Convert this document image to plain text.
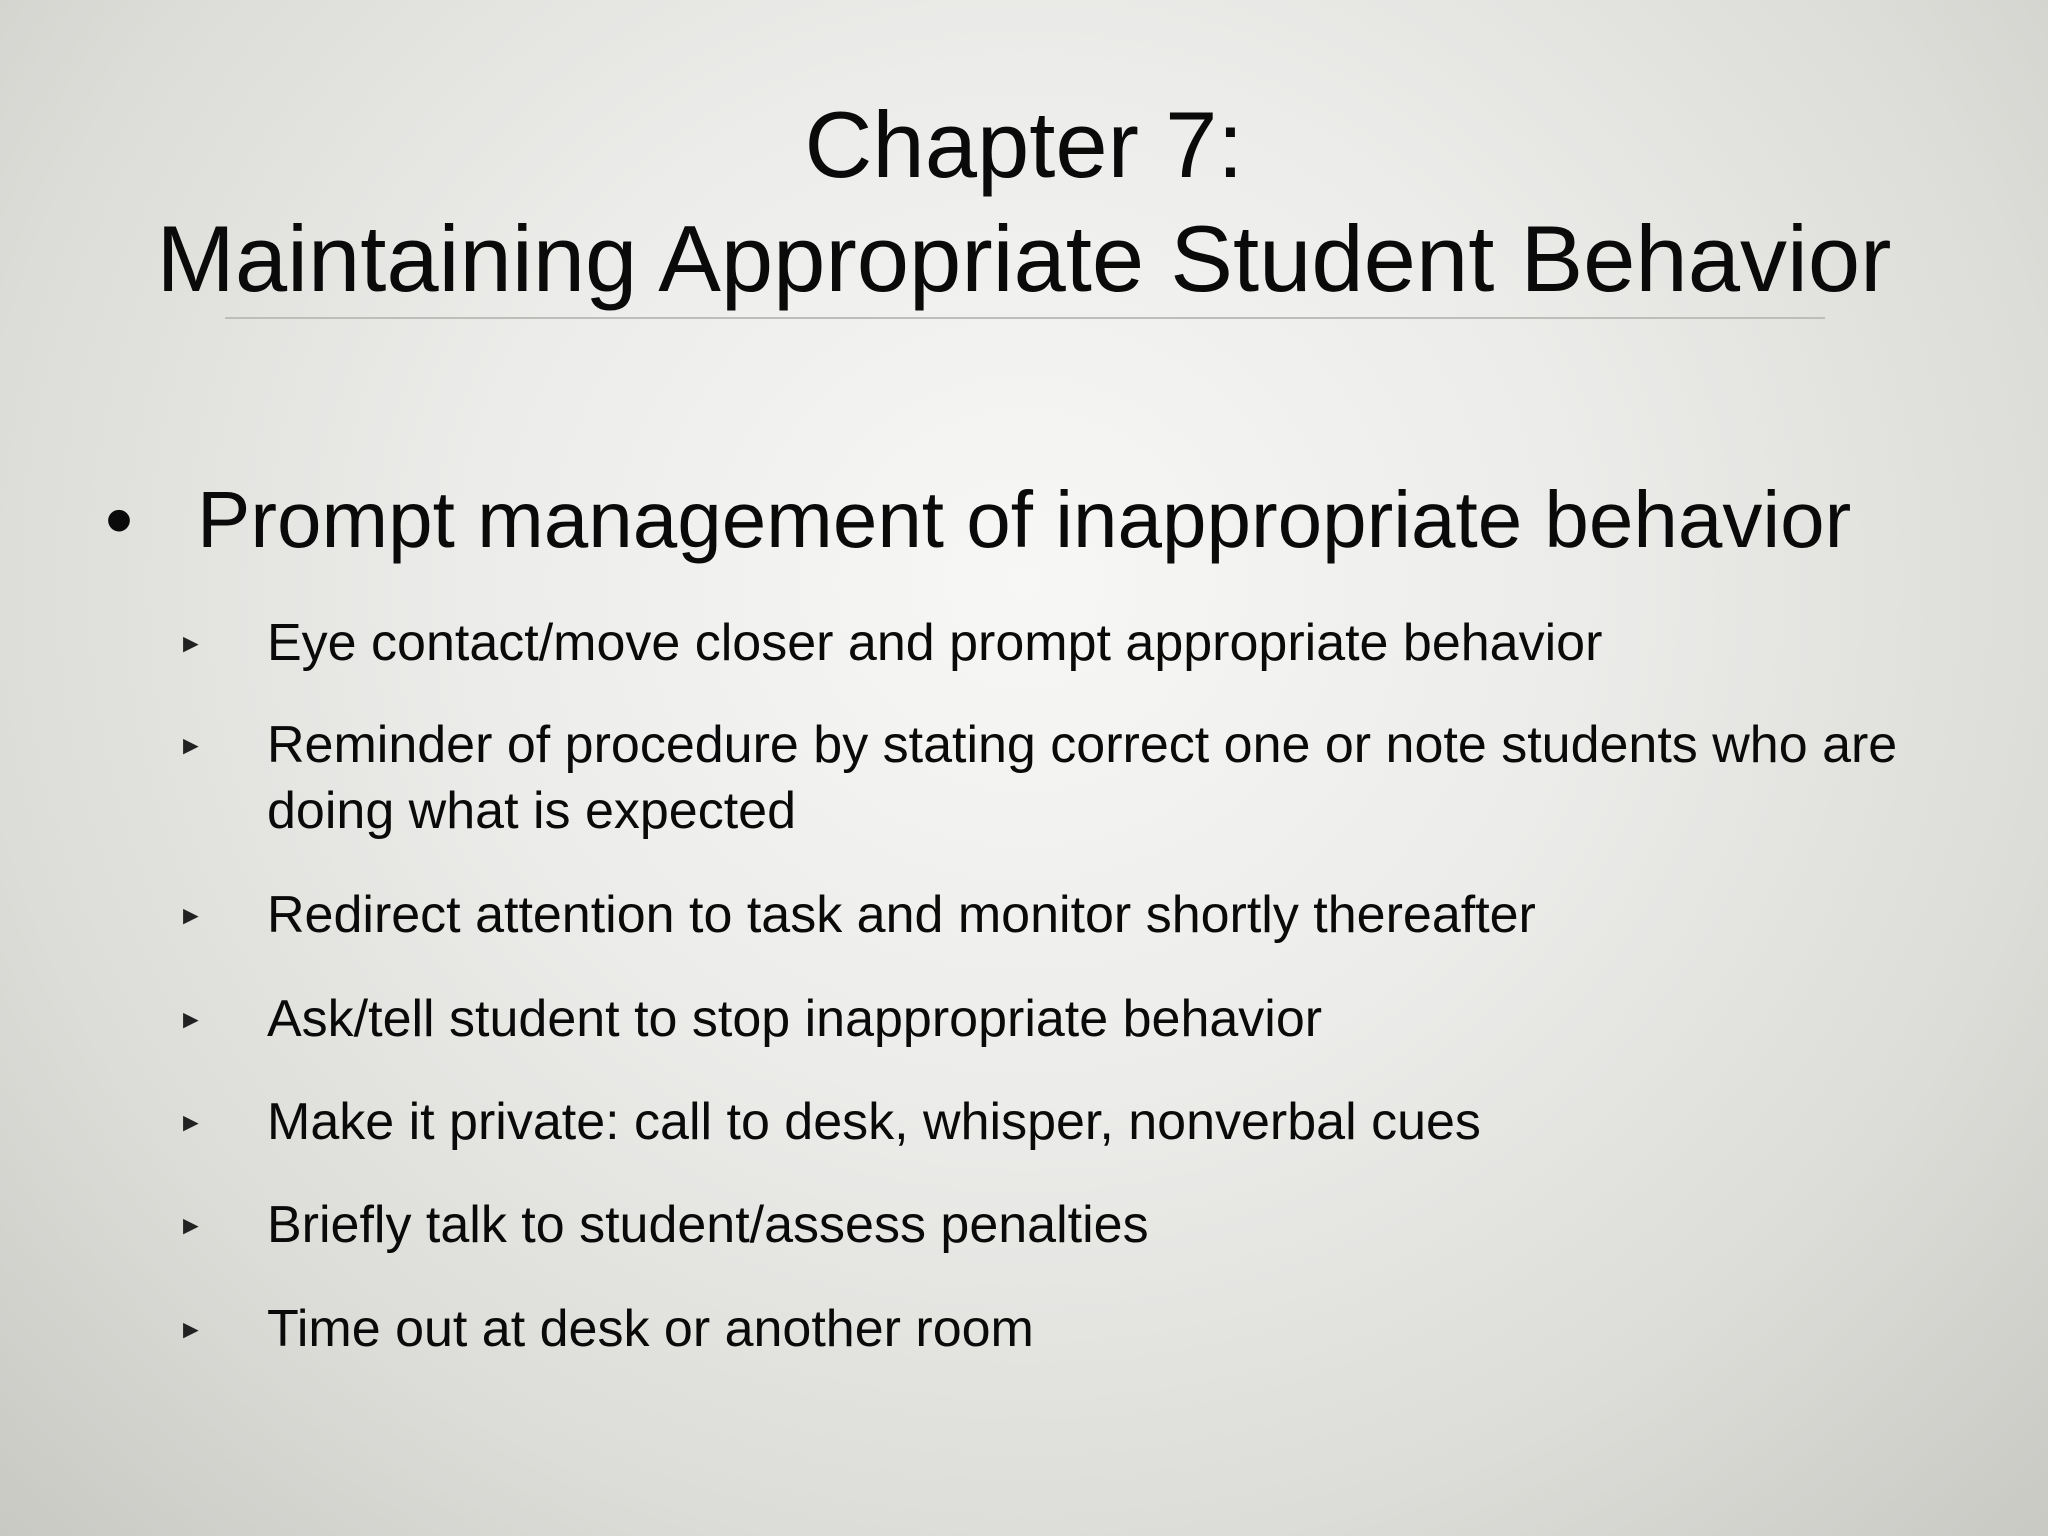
Chapter 7:
Maintaining Appropriate Student Behavior
• Prompt management of inappropriate behavior
► Eye contact/move closer and prompt appropriate behavior
► Reminder of procedure by stating correct one or note students who are doing what is expected
► Redirect attention to task and monitor shortly thereafter
► Ask/tell student to stop inappropriate behavior
► Make it private: call to desk, whisper, nonverbal cues
► Briefly talk to student/assess penalties
► Time out at desk or another room
